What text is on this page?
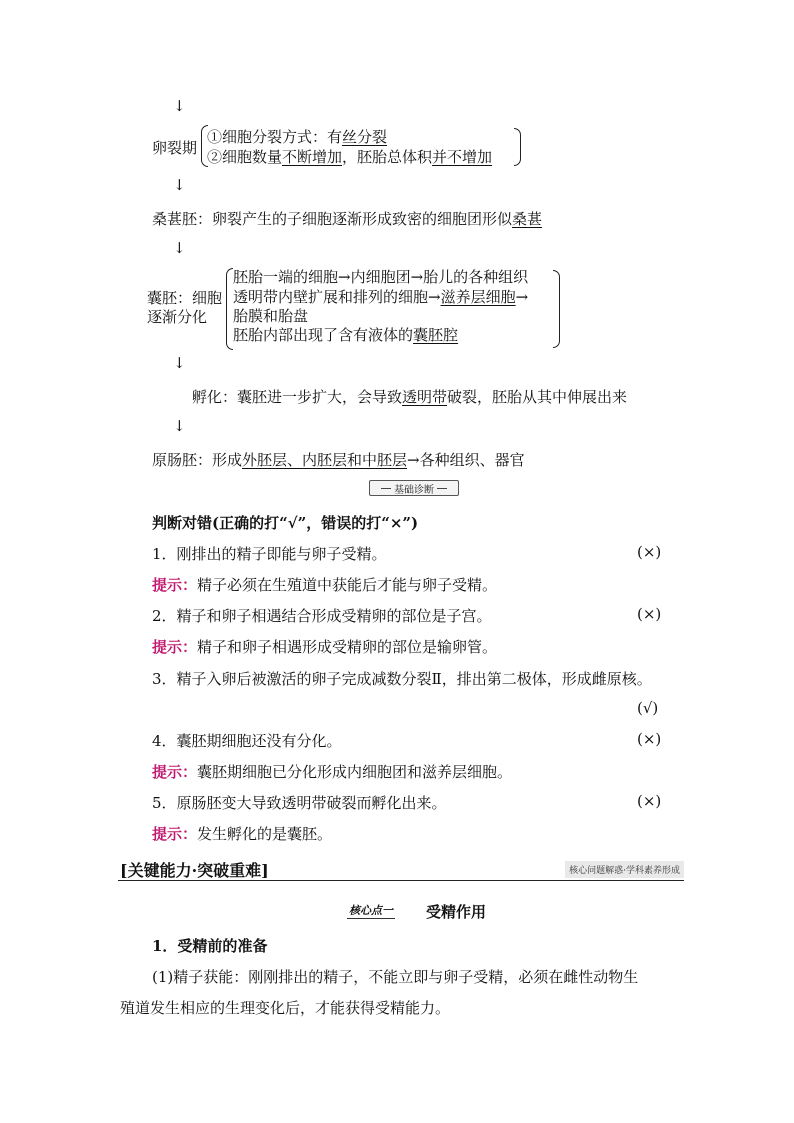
↓
卵裂期
①细胞分裂方式：有丝分裂
②细胞数量不断增加，胚胎总体积并不增加
↓
桑葚胚：卵裂产生的子细胞逐渐形成致密的细胞团形似桑葚
↓
囊胚：细胞
逐渐分化
胚胎一端的细胞→内细胞团→胎儿的各种组织
透明带内壁扩展和排列的细胞→滋养层细胞→
胎膜和胎盘
胚胎内部出现了含有液体的囊胚腔
↓
孵化：囊胚进一步扩大，会导致透明带破裂，胚胎从其中伸展出来
↓
原肠胚：形成外胚层、内胚层和中胚层→各种组织、器官
基础诊断
判断对错(正确的打“√”，错误的打“×”)
1．刚排出的精子即能与卵子受精。	(×)
提示：精子必须在生殖道中获能后才能与卵子受精。
2．精子和卵子相遇结合形成受精卵的部位是子宫。	(×)
提示：精子和卵子相遇形成受精卵的部位是输卵管。
3．精子入卵后被激活的卵子完成减数分裂Ⅱ，排出第二极体，形成雌原核。
(√)
4．囊胚期细胞还没有分化。	(×)
提示：囊胚期细胞已分化形成内细胞团和滋养层细胞。
5．原肠胚变大导致透明带破裂而孵化出来。	(×)
提示：发生孵化的是囊胚。
[关键能力·突破重难]	核心问题解惑·学科素养形成
核心点一 受精作用
1．受精前的准备
(1)精子获能：刚刚排出的精子，不能立即与卵子受精，必须在雌性动物生
殖道发生相应的生理变化后，才能获得受精能力。
